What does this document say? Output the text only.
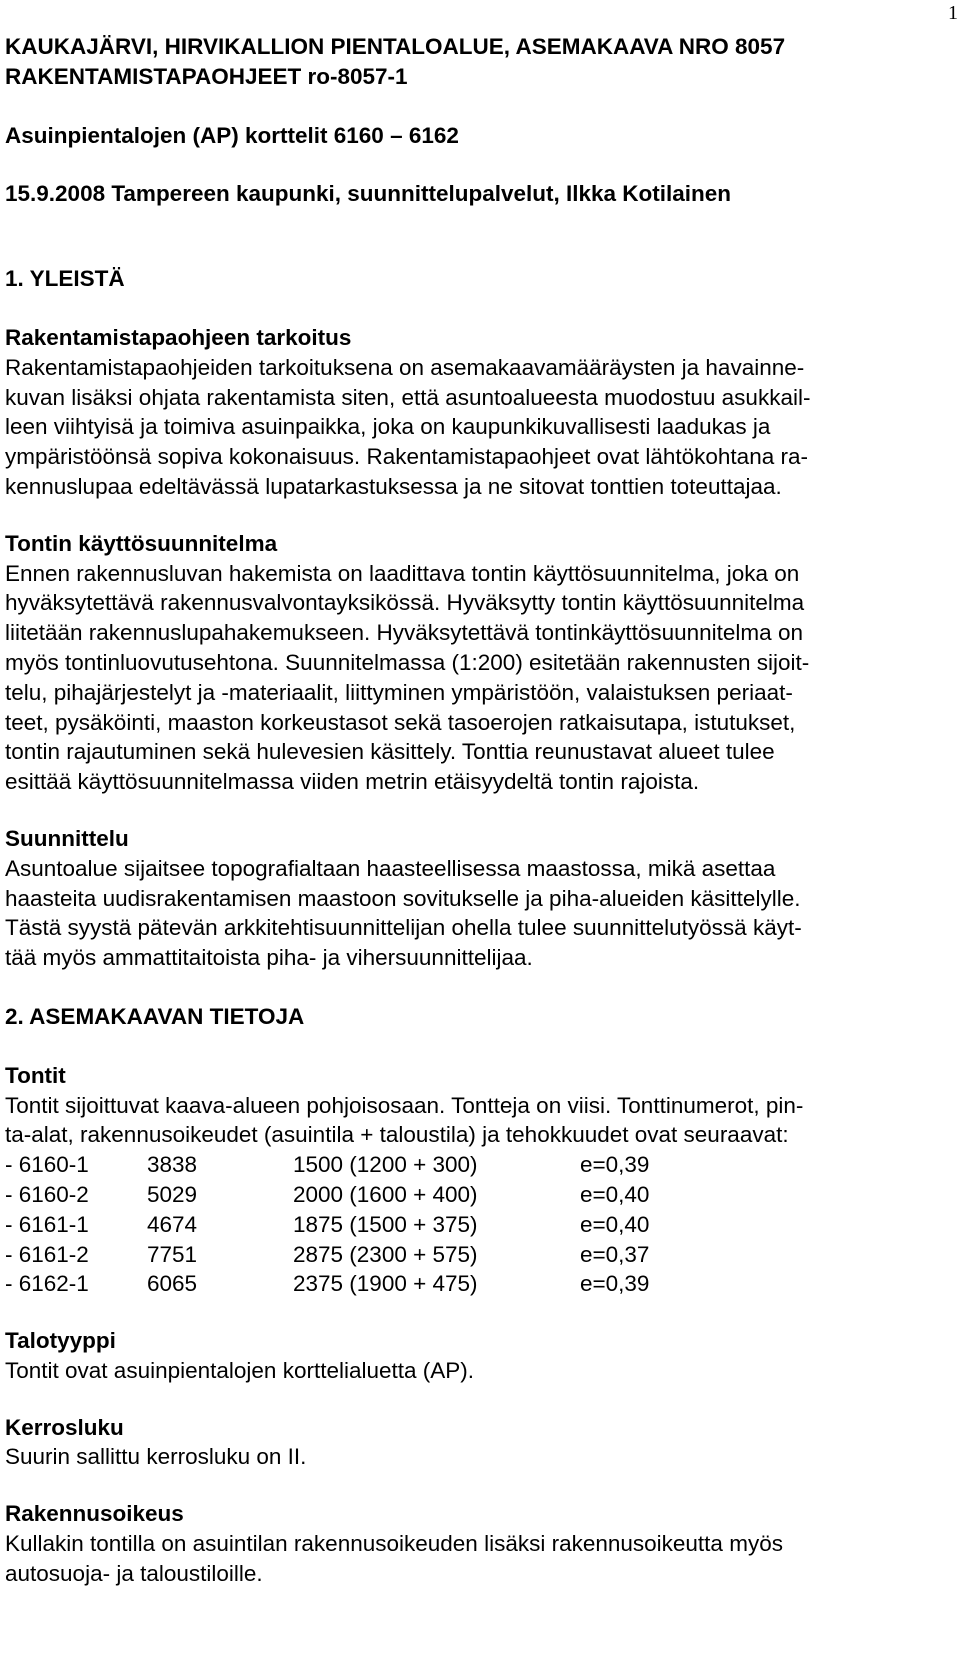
1
KAUKAJÄRVI, HIRVIKALLION PIENTALOALUE, ASEMAKAAVA NRO 8057
RAKENTAMISTAPAOHJEET ro-8057-1
Asuinpientalojen (AP) korttelit 6160 – 6162
15.9.2008 Tampereen kaupunki, suunnittelupalvelut, Ilkka Kotilainen
1. YLEISTÄ
Rakentamistapaohjeen tarkoitus
Rakentamistapaohjeiden tarkoituksena on asemakaavamääräysten ja havainne-
kuvan lisäksi ohjata rakentamista siten, että asuntoalueesta muodostuu asukkail-
leen viihtyisä ja toimiva asuinpaikka, joka on kaupunkikuvallisesti laadukas ja
ympäristöönsä sopiva kokonaisuus. Rakentamistapaohjeet ovat lähtökohtana ra-
kennuslupaa edeltävässä lupatarkastuksessa ja ne sitovat tonttien toteuttajaa.
Tontin käyttösuunnitelma
Ennen rakennusluvan hakemista on laadittava tontin käyttösuunnitelma, joka on
hyväksytettävä rakennusvalvontayksikössä. Hyväksytty tontin käyttösuunnitelma
liitetään rakennuslupahakemukseen. Hyväksytettävä tontinkäyttösuunnitelma on
myös tontinluovutusehtona. Suunnitelmassa (1:200) esitetään rakennusten sijoit-
telu, pihajärjestelyt ja -materiaalit, liittyminen ympäristöön, valaistuksen periaat-
teet, pysäköinti, maaston korkeustasot sekä tasoerojen ratkaisutapa, istutukset,
tontin rajautuminen sekä hulevesien käsittely. Tonttia reunustavat alueet tulee
esittää käyttösuunnitelmassa viiden metrin etäisyydeltä tontin rajoista.
Suunnittelu
Asuntoalue sijaitsee topografialtaan haasteellisessa maastossa, mikä asettaa
haasteita uudisrakentamisen maastoon sovitukselle ja piha-alueiden käsittelylle.
Tästä syystä pätevän arkkitehtisuunnittelijan ohella tulee suunnittelutyössä käyt-
tää myös ammattitaitoista piha- ja vihersuunnittelijaa.
2. ASEMAKAAVAN TIETOJA
Tontit
Tontit sijoittuvat kaava-alueen pohjoisosaan. Tontteja on viisi. Tonttinumerot, pin-
ta-alat, rakennusoikeudet (asuintila + taloustila) ja tehokkuudet ovat seuraavat:
- 6160-1	3838	1500 (1200 + 300)	e=0,39
- 6160-2	5029	2000 (1600 + 400)	e=0,40
- 6161-1	4674	1875 (1500 + 375)	e=0,40
- 6161-2	7751	2875 (2300 + 575)	e=0,37
- 6162-1	6065	2375 (1900 + 475)	e=0,39
Talotyyppi
Tontit ovat asuinpientalojen korttelialuetta (AP).
Kerrosluku
Suurin sallittu kerrosluku on II.
Rakennusoikeus
Kullakin tontilla on asuintilan rakennusoikeuden lisäksi rakennusoikeutta myös
autosuoja- ja taloustiloille.
